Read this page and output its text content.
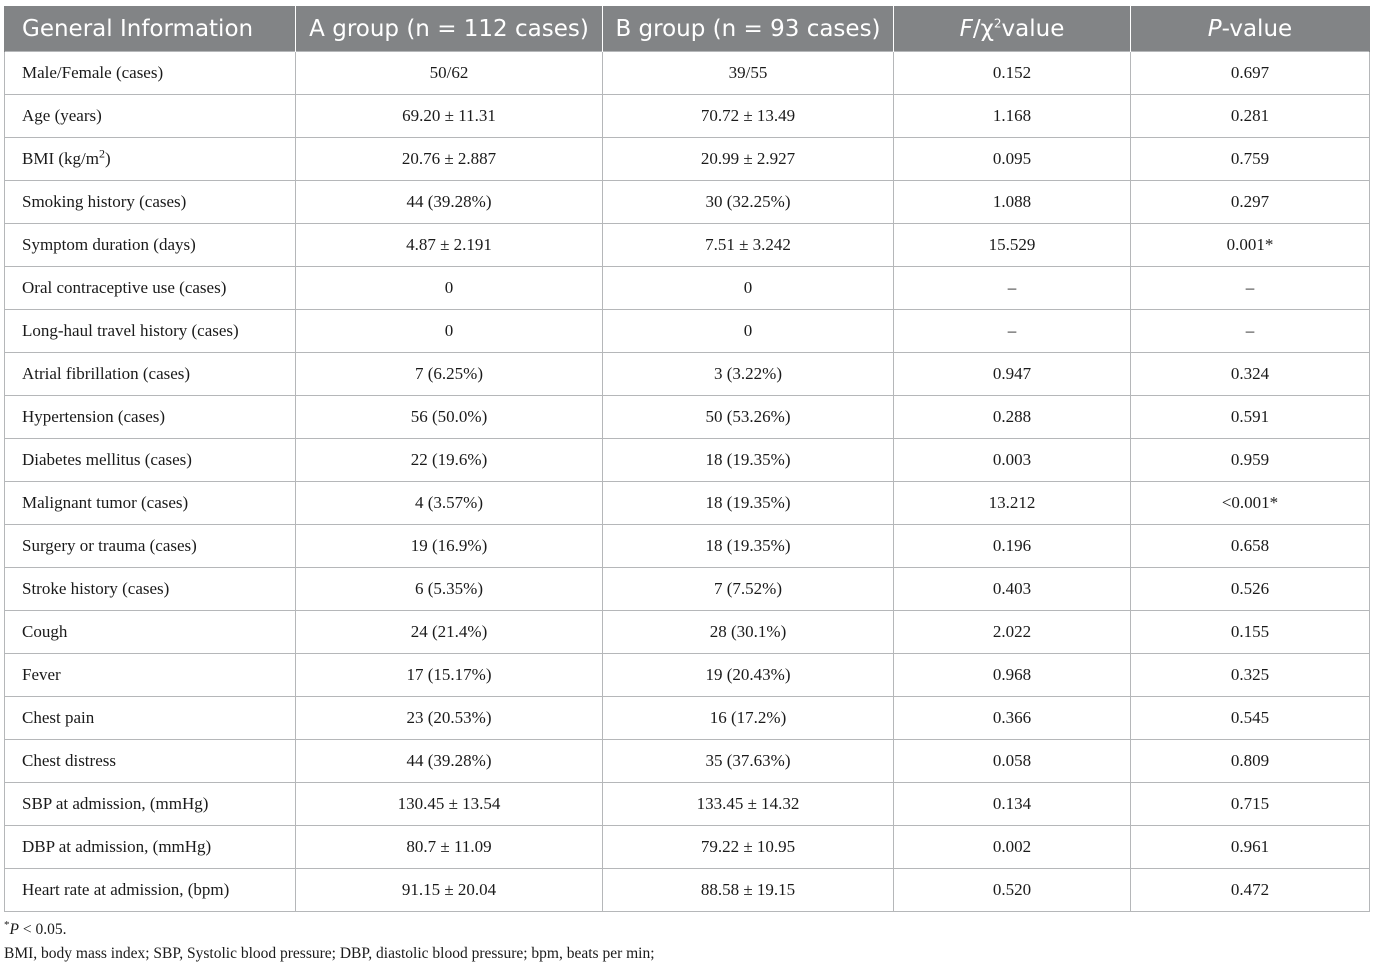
General Information	A group (n = 112 cases)	B group (n = 93 cases)	$F/\chi^2value$	P-value
Male/Female (cases)	50/62	39/55	0.152	0.697
Age (years)	69.20 ± 11.31	70.72 ± 13.49	1.168	0.281
BMI $(kg/m^2)$	20.76 ± 2.887	20.99 ± 2.927	0.095	0.759
Smoking history (cases)	44 (39.28%)	30 (32.25%)	1.088	0.297
Symptom duration (days)	4.87 ± 2.191	7.51 ± 3.242	15.529	0.001*
Oral contraceptive use (cases)	0	0	–	–
Long-haul travel history (cases)	0	0	–	–
Atrial fibrillation (cases)	7 (6.25%)	3 (3.22%)	0.947	0.324
Hypertension (cases)	56 (50.0%)	50 (53.26%)	0.288	0.591
Diabetes mellitus (cases)	22 (19.6%)	18 (19.35%)	0.003	0.959
Malignant tumor (cases)	4 (3.57%)	18 (19.35%)	13.212	<0.001*
Surgery or trauma (cases)	19 (16.9%)	18 (19.35%)	0.196	0.658
Stroke history (cases)	6 (5.35%)	7 (7.52%)	0.403	0.526
Cough	24 (21.4%)	28 (30.1%)	2.022	0.155
Fever	17 (15.17%)	19 (20.43%)	0.968	0.325
Chest pain	23 (20.53%)	16 (17.2%)	0.366	0.545
Chest distress	44 (39.28%)	35 (37.63%)	0.058	0.809
SBP at admission, (mmHg)	130.45 ± 13.54	133.45 ± 14.32	0.134	0.715
DBP at admission, (mmHg)	80.7 ± 11.09	79.22 ± 10.95	0.002	0.961
Heart rate at admission, (bpm)	91.15 ± 20.04	88.58 ± 19.15	0.520	0.472
*P < 0.05.
BMI, body mass index; SBP, Systolic blood pressure; DBP, diastolic blood pressure; bpm, beats per min;
